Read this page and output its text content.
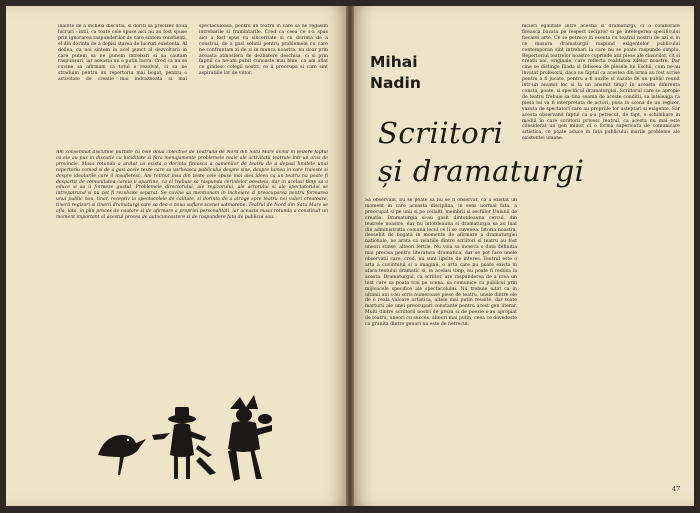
inainte de a incheia discutia, si doriti sa precizez doua lucruri : intii, ca toate cele spuse aici nu au fost spuse prin ignorarea raspunderilor de care sintem constienti, el din dorinta de a depisi starea de lucruri existenta. Al doilea, ca noi sintem in acel punct al dezvoltarii in care putem sa ne punem intrebari si sa cautam raspunsuri, iar aceasta nu e putin lucru. Cred ca nu se cuvine sa afirmam ca totul e rezolvat, ci sa ne straduim pentru un repertoriu mai bogat, pentru o activitate de creatie mai indrazneata si mai spectaculoasa, pentru un teatru in care sa ne regasim intrebarile si framintarile. Cred ca ceea ce s-a spus aici a fost spus cu sinceritate si cu dorinta de a construi, de a gasi solutii pentru problemele cu care ne confruntam zi de zi in munca noastra. nu doar prin aceasta atmosfera de dezbatere deschisa, ci si prin faptul ca ne-am putut cunoaste mai bine, ca am aflat ce gindesc colegii nostri, ce ii preocupa si care sint aspiratiile lor de viitor.
Am consemnat discutiile purtate cu cele doua colective de Teatrului de Nord din Satu Mare avind in vedere faptul ca ele au pus in discutie cu luciditate si fara menajamente problemele reale ale activitatii teatrale intr-un oras de provincie. Masa rotunda a aratat ca exista o dorinta fireasca a oamenilor de teatru de a depasi limitele unui repertoriu comod si de a gasi acele texte care sa vorbeasca publicului despre sine, despre lumea in care traieste si despre idealurile care il insufletesc. Am retinut insa din toate cele spuse mai ales ideea ca un teatru nu poate fi despartit de comunitatea careia ii apartine, ca el trebuie sa raspunda cerintelor acesteia, dar in acelasi timp sa o educe si sa ii formeze gustul. Problemele directorului, ale regizorului, ale actorului si ale spectatorului se intrepatrund si nu pot fi rezolvate separat. Se cuvine sa mentionam in incheiere si preocuparea pentru formarea unui public nou, tinar, receptiv la spectacolele de calitate, si dorinta de a atrage spre teatru noi valori creatoare, tinerii regizori si tinerii dramaturgi care sa dea o noua suflare scenei satmarene. Teatrul de Nord din Satu Mare se afla, iata, in plin proces de cautare si de afirmare a propriei personalitati, iar aceasta masa rotunda a constituit un moment important al acestui proces de autocunoastere si de raspundere fata de publicul sau.
Mihai
Nadin
Scriitori
și dramaturgi
Sa observam, nu se poate sa nu se fi observat, ca a existat un moment in care aceasta disciplina, in sens normal fata, a preocupat si pe unii si pe ceilalti, membrii si secfiilor Uniunii de creatie. Dramaturgia si-au gasit dintotdeauna cercul, din teatrele noastre, dar nu intotdeauna si dramaturgia sa au luat din administratia comuna locul ce li se cuvenea. Istoria noastra, deosebit de bogata in momente de afirmare a dramaturgiei nationale, ne arata ca relatiile dintre scriitori si teatru au fost uneori stinse, alteori fertile. Nu voia sa incerca o data definitia mai precisa pentru literatura dramatica, dar se pot face unele observatii care, cred, nu sunt lipsite de interes. Teatrul este o arta a cuvintului si a imaginii, o arta care nu poate exista in afara textului dramatic si, in acelasi timp, nu poate fi redusa la acesta. Dramaturgul, ca scriitor, are raspunderea de a crea un text care sa poata trai pe scena, sa comunice cu publicul prin mijloacele specifice ale spectacolului. Nu trebuie uitat ca in ultimii ani s-au scris numeroase piese de teatru, unele dintre ele de o reala valoare artistica, altele mai putin reusite, dar toate marturii ale unei preocupari constante pentru acest gen literar. Multi dintre scriitorii nostri de proza si de poezie s-au apropiat de teatru, uneori cu succes, alteori mai putin, ceea ce dovedeste ca granita dintre genuri nu este de netrecut.
nicieri egalitate intre acestia si dramaturgi, ci o colaborare fireasca bazata pe respect reciproc si pe intelegerea specificului fiecarei arte. Ce se petrece in esenta cu teatrul nostru de azi si in ce masura dramaturgii raspund exigentelor publicului contemporan sint intrebari la care nu se poate raspunde simplu. Repertoriul teatrelor noastre cuprinde atit piese ale clasicilor, cit si creatii noi, originale, care reflecta realitatea zilelor noastre. Dar cine se distinge Iliada si Odiseea de piesele lui Eschil, cum ne-au invatat profesorii, daca nu faptul ca acestea din urma au fost scrise pentru a fi jucate, pentru a fi auzite si vazute de un public reunit intr-un anumit loc si la un anumit timp? In aceasta diferenta consta, poate, si specificul dramaturgiei. Scriitorul care se apropie de teatru trebuie sa tina seama de aceste conditii, sa inteleaga ca piesa lui va fi interpretata de actori, pusa in scena de un regizor, vazuta de spectatori care au propriile lor asteptari si exigente. Sar acesta observand faptul ca s-a petrecut, de fapt, o schimbare in modul in care scriitorii privesc teatrul, ca acesta nu mai este considerat un gen minor, ci o forma superioara de comunicare artistica, ce poate aduce in fata publicului marile probleme ale existentei umane.
47
